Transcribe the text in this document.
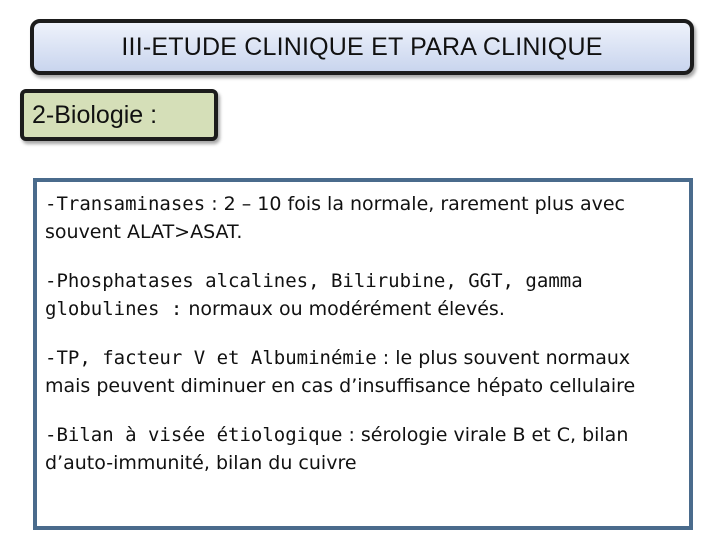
III-ETUDE CLINIQUE ET PARA CLINIQUE
2-Biologie :

-Transaminases : 2 – 10 fois la normale, rarement plus avec souvent ALAT>ASAT.

-Phosphatases alcalines, Bilirubine, GGT, gamma globulines : normaux ou modérément élevés.

-TP, facteur V et Albuminémie : le plus souvent normaux mais peuvent diminuer en cas d’insuffisance hépato cellulaire

-Bilan à visée étiologique : sérologie virale B et C, bilan d’auto-immunité, bilan du cuivre
